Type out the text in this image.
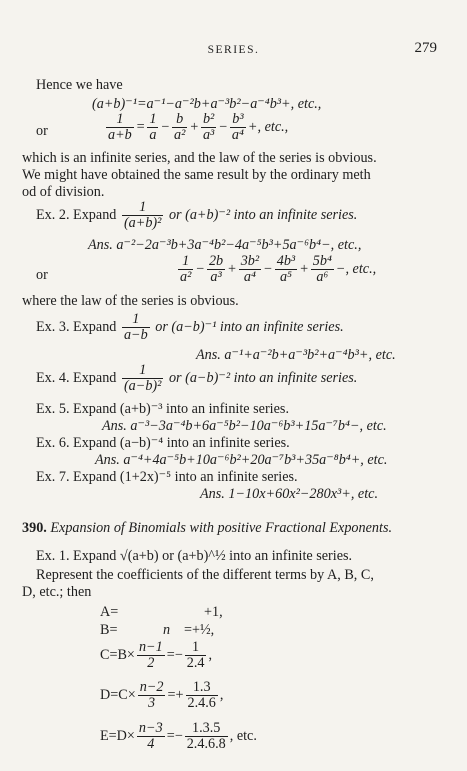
SERIES.	279
Hence we have
(a+b)⁻¹=a⁻¹−a⁻²b+a⁻³b²−a⁻⁴b³+, etc.,
or	$\frac{1}{a+b} = \frac{1}{a} - \frac{b}{\text{a²}} + \frac{\text{b²}}{\text{a³}} - \frac{\text{b³}}{\text{a⁴}}$ +, etc.,
which is an infinite series, and the law of the series is obvious.
We might have obtained the same result by the ordinary meth
od of division.
Ex. 2. Expand $\frac{1}{\text{(a+b)²}}$ or (a+b)⁻² into an infinite series.
Ans. a⁻²−2a⁻³b+3a⁻⁴b²−4a⁻⁵b³+5a⁻⁶b⁴−, etc.,
or	$\frac{1}{\text{a²}} - \frac{2b}{\text{a³}} + \frac{\text{3b²}}{\text{a⁴}} - \frac{\text{4b³}}{\text{a⁵}} + \frac{\text{5b⁴}}{\text{a⁶}}$ −, etc.,
where the law of the series is obvious.
Ex. 3. Expand $\frac{1}{a-b}$ or (a−b)⁻¹ into an infinite series.
Ans. a⁻¹+a⁻²b+a⁻³b²+a⁻⁴b³+, etc.
Ex. 4. Expand $\frac{1}{\text{(a−b)²}}$ or (a−b)⁻² into an infinite series.
Ex. 5. Expand (a+b)⁻³ into an infinite series.
Ans. a⁻³−3a⁻⁴b+6a⁻⁵b²−10a⁻⁶b³+15a⁻⁷b⁴−, etc.
Ex. 6. Expand (a−b)⁻⁴ into an infinite series.
Ans. a⁻⁴+4a⁻⁵b+10a⁻⁶b²+20a⁻⁷b³+35a⁻⁸b⁴+, etc.
Ex. 7. Expand (1+2x)⁻⁵ into an infinite series.
Ans. 1−10x+60x²−280x³+, etc.
390. Expansion of Binomials with positive Fractional Exponents.
Ex. 1. Expand √(a+b) or (a+b)^½ into an infinite series.
Represent the coefficients of the different terms by A, B, C,
D, etc.; then
A=	+1,
B=	n =+½,
$C=B\times \frac{n-1}{2} =- \frac{1}{2.4}$ ,
$D=C\times \frac{n-2}{3} =+ \frac{1.3}{2.4.6}$ ,
$E=D\times \frac{n-3}{4} =- \frac{1.3.5}{2.4.6.8}$ , etc.
